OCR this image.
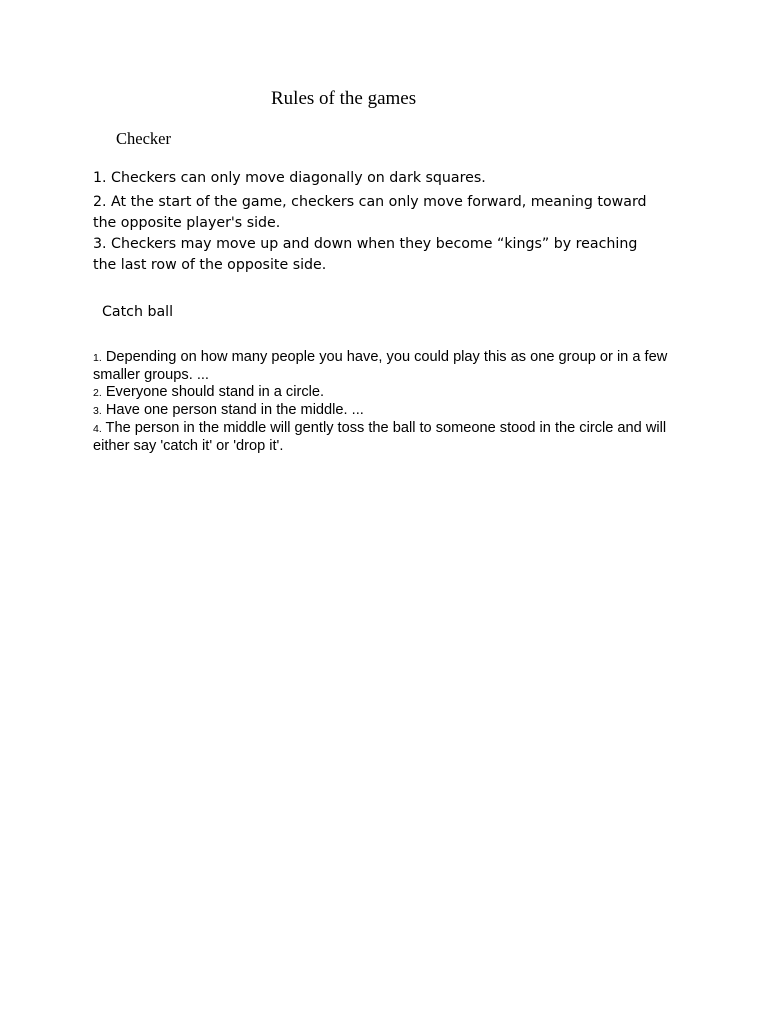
Rules of the games
Checker
1. Checkers can only move diagonally on dark squares.
2. At the start of the game, checkers can only move forward, meaning toward the opposite player's side.
3. Checkers may move up and down when they become “kings” by reaching the last row of the opposite side.
Catch ball
1. Depending on how many people you have, you could play this as one group or in a few smaller groups. ...
2. Everyone should stand in a circle.
3. Have one person stand in the middle. ...
4. The person in the middle will gently toss the ball to someone stood in the circle and will either say 'catch it' or 'drop it'.
